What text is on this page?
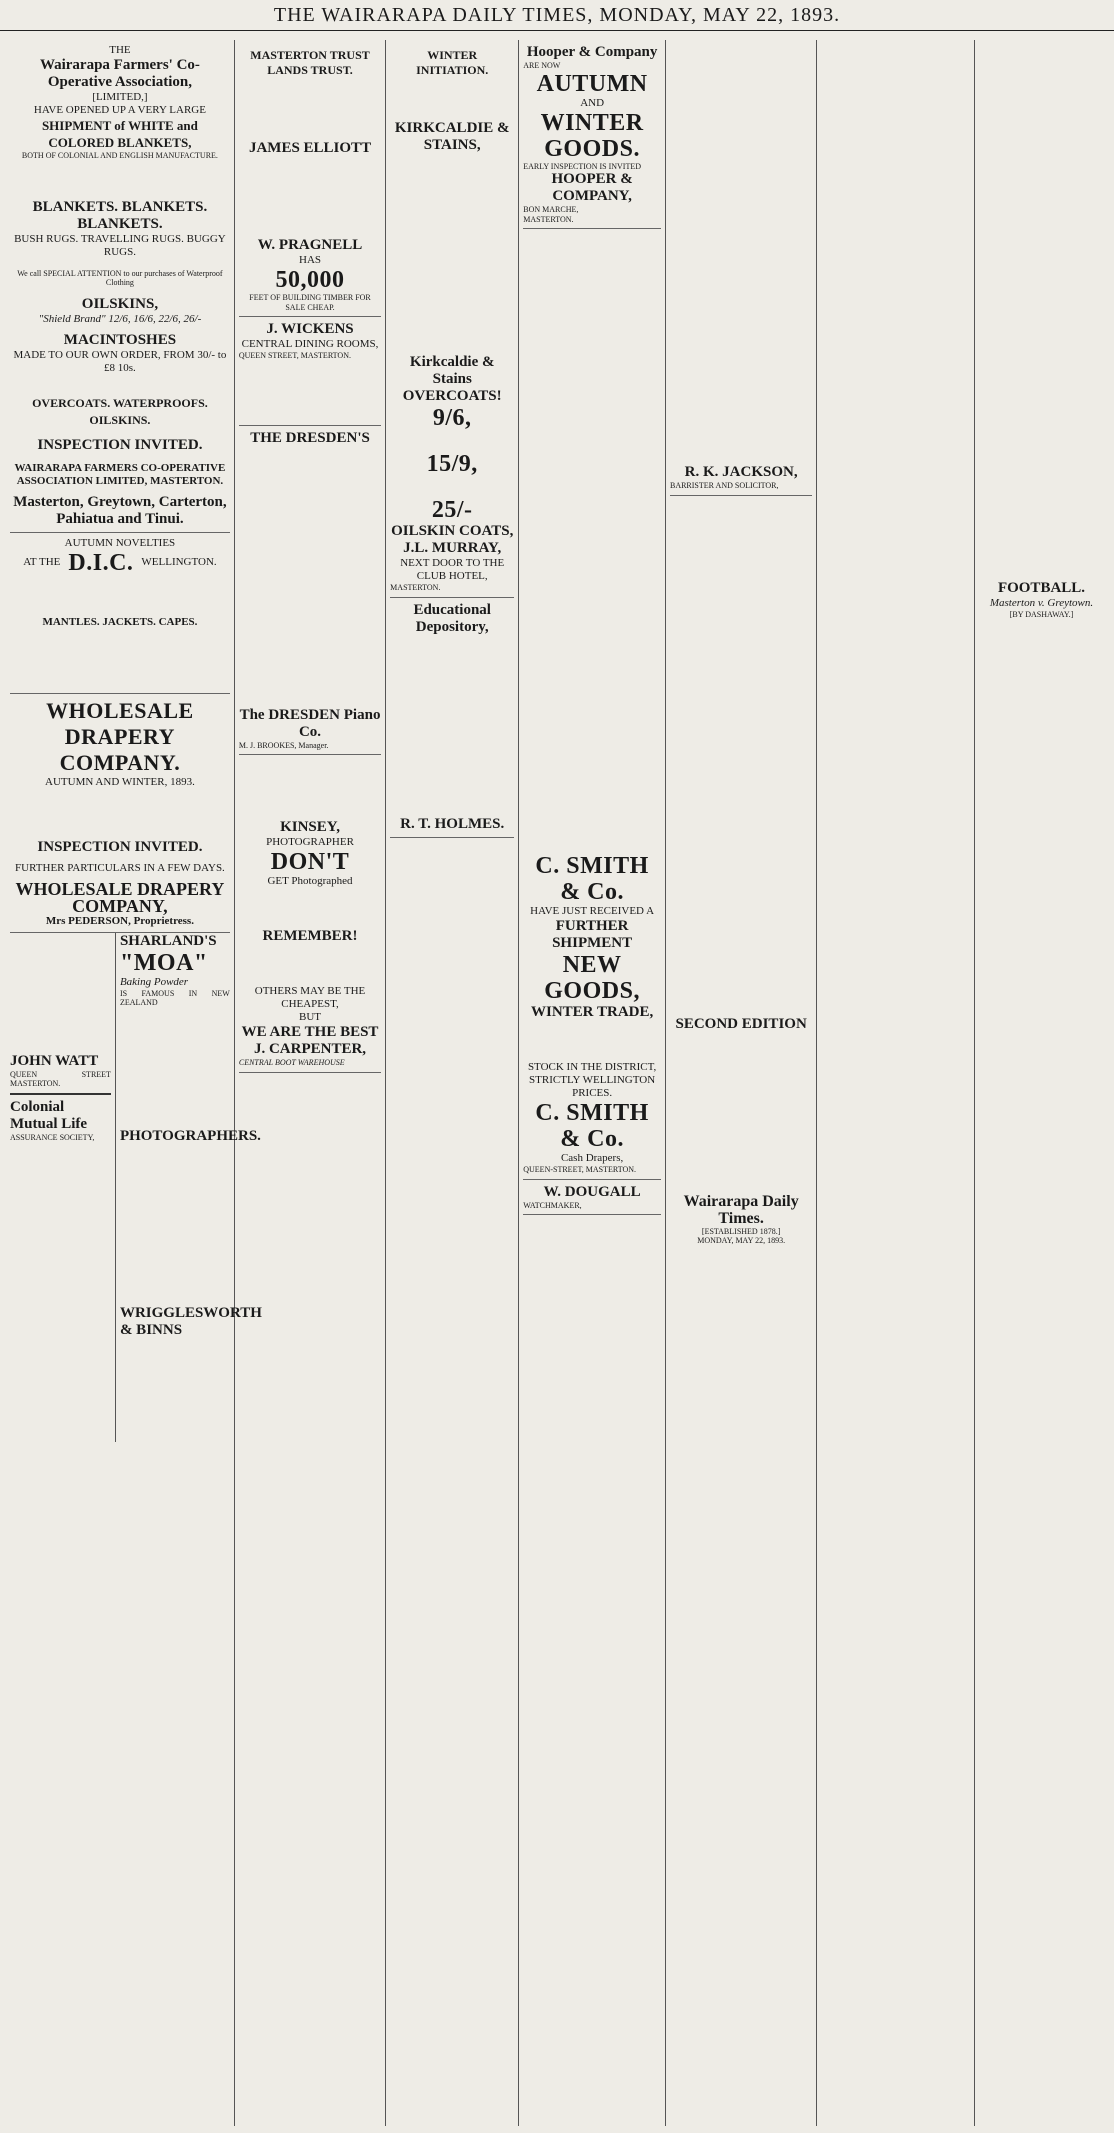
THE WAIRARAPA DAILY TIMES, MONDAY, MAY 22, 1893.
THE
Wairarapa Farmers' Co-Operative Association,
[LIMITED,]
HAVE OPENED UP A VERY LARGE
SHIPMENT of WHITE and COLORED BLANKETS,
BOTH OF COLONIAL AND ENGLISH MANUFACTURE.
BLANKETS. BLANKETS. BLANKETS.
BUSH RUGS. TRAVELLING RUGS. BUGGY RUGS.
We call SPECIAL ATTENTION to our purchases of Waterproof Clothing
OILSKINS,
"Shield Brand" 12/6, 16/6, 22/6, 26/-
MACINTOSHES
MADE TO OUR OWN ORDER, FROM 30/- to £8 10s.
OVERCOATS. WATERPROOFS. OILSKINS.
INSPECTION INVITED.
WAIRARAPA FARMERS CO-OPERATIVE ASSOCIATION LIMITED, MASTERTON.
Masterton, Greytown, Carterton, Pahiatua and Tinui.
AUTUMN NOVELTIES
AT THE D.I.C. WELLINGTON.
MANTLES. JACKETS. CAPES.
WHOLESALE DRAPERY COMPANY.
AUTUMN AND WINTER, 1893.
INSPECTION INVITED.
FURTHER PARTICULARS IN A FEW DAYS.
WHOLESALE DRAPERY COMPANY,
Mrs PEDERSON, Proprietress.
JOHN WATT
QUEEN STREET MASTERTON.
Colonial Mutual Life
ASSURANCE SOCIETY,
SHARLAND'S
"MOA"
Baking Powder
IS FAMOUS IN NEW ZEALAND
PHOTOGRAPHERS.
WRIGGLESWORTH & BINNS
MASTERTON TRUST LANDS TRUST.
JAMES ELLIOTT
W. PRAGNELL
HAS
50,000
FEET OF BUILDING TIMBER FOR SALE CHEAP.
J. WICKENS
CENTRAL DINING ROOMS,
QUEEN STREET, MASTERTON.
THE DRESDEN'S
The DRESDEN Piano Co.
M. J. BROOKES, Manager.
KINSEY,
PHOTOGRAPHER
DON'T
GET Photographed
REMEMBER!
OTHERS MAY BE THE CHEAPEST,
BUT
WE ARE THE BEST
J. CARPENTER,
CENTRAL BOOT WAREHOUSE
WINTER INITIATION.
KIRKCALDIE & STAINS,
Kirkcaldie & Stains
OVERCOATS!
9/6,
15/9,
25/-
OILSKIN COATS,
J.L. MURRAY,
NEXT DOOR TO THE CLUB HOTEL,
MASTERTON.
Educational Depository,
R. T. HOLMES.
Hooper & Company
ARE NOW
AUTUMN
AND
WINTER
GOODS.
EARLY INSPECTION IS INVITED
HOOPER & COMPANY,
BON MARCHE,
MASTERTON.
C. SMITH & Co.
HAVE JUST RECEIVED A
FURTHER SHIPMENT
NEW GOODS,
WINTER TRADE,
STOCK IN THE DISTRICT,
STRICTLY WELLINGTON PRICES.
C. SMITH & Co.
Cash Drapers,
QUEEN-STREET, MASTERTON.
W. DOUGALL
WATCHMAKER,
R. K. JACKSON,
BARRISTER AND SOLICITOR,
SECOND EDITION
Wairarapa Daily Times.
[ESTABLISHED 1878.]
MONDAY, MAY 22, 1893.
FOOTBALL.
Masterton v. Greytown.
[BY DASHAWAY.]
